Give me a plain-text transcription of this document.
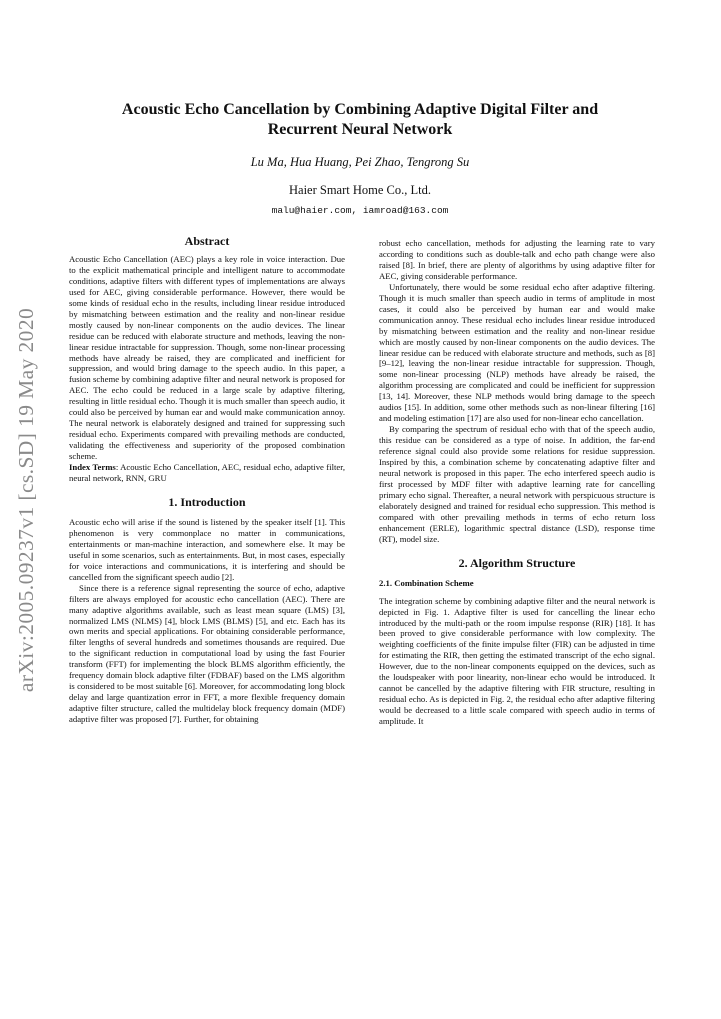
arXiv:2005.09237v1 [cs.SD] 19 May 2020
Acoustic Echo Cancellation by Combining Adaptive Digital Filter and
Recurrent Neural Network
Lu Ma, Hua Huang, Pei Zhao, Tengrong Su
Haier Smart Home Co., Ltd.
malu@haier.com, iamroad@163.com
Abstract

Acoustic Echo Cancellation (AEC) plays a key role in voice interaction. Due to the explicit mathematical principle and intelligent nature to accommodate conditions, adaptive filters with different types of implementations are always used for AEC, giving considerable performance. However, there would be some kinds of residual echo in the results, including linear residue introduced by mismatching between estimation and the reality and non-linear residue mostly caused by non-linear components on the audio devices. The linear residue can be reduced with elaborate structure and methods, leaving the non-linear residue intractable for suppression. Though, some non-linear processing methods have already be raised, they are complicated and inefficient for suppression, and would bring damage to the speech audio. In this paper, a fusion scheme by combining adaptive filter and neural network is proposed for AEC. The echo could be reduced in a large scale by adaptive filtering, resulting in little residual echo. Though it is much smaller than speech audio, it could also be perceived by human ear and would make communication annoy. The neural network is elaborately designed and trained for suppressing such residual echo. Experiments compared with prevailing methods are conducted, validating the effectiveness and superiority of the proposed combination scheme.

Index Terms: Acoustic Echo Cancellation, AEC, residual echo, adaptive filter, neural network, RNN, GRU

1. Introduction

Acoustic echo will arise if the sound is listened by the speaker itself [1]. This phenomenon is very commonplace no matter in communications, entertainments or man-machine interaction, and somewhere else. It may be useful in some scenarios, such as entertainments. But, in most cases, especially for voice interactions and communications, it is interfering and should be cancelled from the significant speech audio [2].

Since there is a reference signal representing the source of echo, adaptive filters are always employed for acoustic echo cancellation (AEC). There are many adaptive algorithms available, such as least mean square (LMS) [3], normalized LMS (NLMS) [4], block LMS (BLMS) [5], and etc. Each has its own merits and special applications. For obtaining considerable performance, filter lengths of several hundreds and sometimes thousands are required. Due to the significant reduction in computational load by using the fast Fourier transform (FFT) for implementing the block BLMS algorithm efficiently, the frequency domain block adaptive filter (FDBAF) based on the LMS algorithm is considered to be most suitable [6]. Moreover, for accommodating long block delay and large quantization error in FFT, a more flexible frequency domain adaptive filter structure, called the multidelay block frequency domain (MDF) adaptive filter was proposed [7]. Further, for obtaining

robust echo cancellation, methods for adjusting the learning rate to vary according to conditions such as double-talk and echo path change were also raised [8]. In brief, there are plenty of algorithms by using adaptive filter for AEC, giving considerable performance.

Unfortunately, there would be some residual echo after adaptive filtering. Though it is much smaller than speech audio in terms of amplitude in most cases, it could also be perceived by human ear and would make communication annoy. These residual echo includes linear residue introduced by mismatching between estimation and the reality and non-linear residue which are mostly caused by non-linear components on the audio devices. The linear residue can be reduced with elaborate structure and methods, such as [8] [9–12], leaving the non-linear residue intractable for suppression. Though, some non-linear processing (NLP) methods have already be raised, the algorithm processing are complicated and could be inefficient for suppression [13, 14]. Moreover, these NLP methods would bring damage to the speech audios [15]. In addition, some other methods such as non-linear filtering [16] and modeling estimation [17] are also used for non-linear echo cancellation.

By comparing the spectrum of residual echo with that of the speech audio, this residue can be considered as a type of noise. In addition, the far-end reference signal could also provide some relations for residue suppression. Inspired by this, a combination scheme by concatenating adaptive filter and neural network is proposed in this paper. The echo interfered speech audio is first processed by MDF filter with adaptive learning rate for cancelling primary echo signal. Thereafter, a neural network with perspicuous structure is elaborately designed and trained for residual echo suppression. This method is compared with other prevailing methods in terms of echo return loss enhancement (ERLE), logarithmic spectral distance (LSD), response time (RT), model size.

2. Algorithm Structure
2.1. Combination Scheme

The integration scheme by combining adaptive filter and the neural network is depicted in Fig. 1. Adaptive filter is used for cancelling the linear echo introduced by the multi-path or the room impulse response (RIR) [18]. It has been proved to give considerable performance with low complexity. The weighting coefficients of the finite impulse filter (FIR) can be adjusted in time for estimating the RIR, then getting the estimated transcript of the echo signal. However, due to the non-linear components equipped on the devices, such as the loudspeaker with poor linearity, non-linear echo would be introduced. It cannot be cancelled by the adaptive filtering with FIR structure, resulting in residual echo. As is depicted in Fig. 2, the residual echo after adaptive filtering would be decreased to a little scale compared with speech audio in terms of amplitude. It
